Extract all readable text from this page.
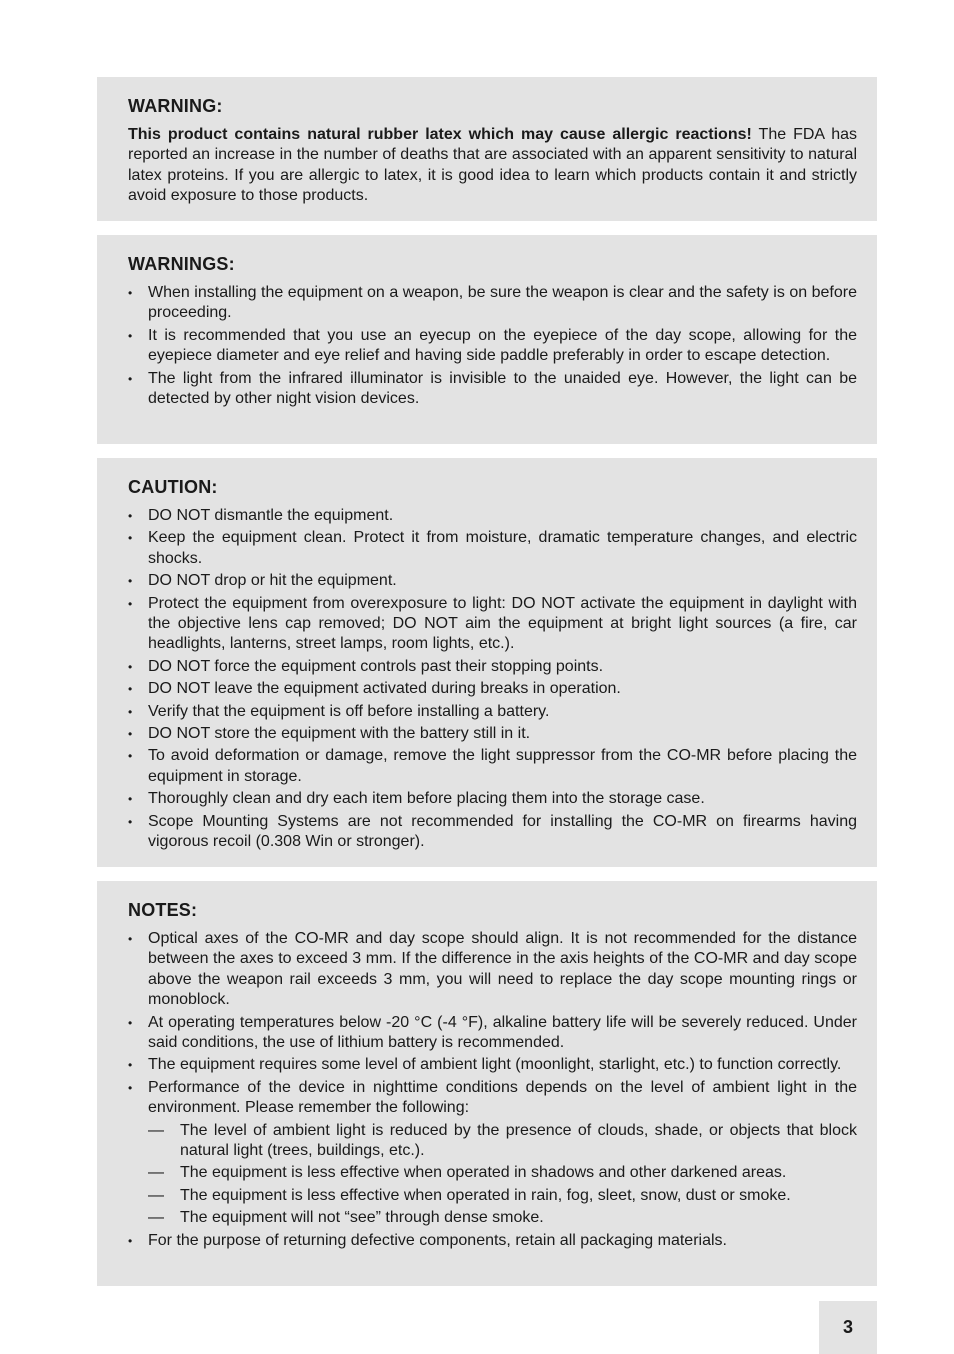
WARNING:

This product contains natural rubber latex which may cause allergic reactions! The FDA has reported an increase in the number of deaths that are associated with an apparent sensitivity to natural latex proteins. If you are allergic to latex, it is good idea to learn which products contain it and strictly avoid exposure to those products.

WARNINGS:
• When installing the equipment on a weapon, be sure the weapon is clear and the safety is on before proceeding.
• It is recommended that you use an eyecup on the eyepiece of the day scope, allowing for the eyepiece diameter and eye relief and having side paddle preferably in order to escape detection.
• The light from the infrared illuminator is invisible to the unaided eye. However, the light can be detected by other night vision devices.
CAUTION:
• DO NOT dismantle the equipment.
• Keep the equipment clean. Protect it from moisture, dramatic temperature changes, and electric shocks.
• DO NOT drop or hit the equipment.
• Protect the equipment from overexposure to light: DO NOT activate the equipment in daylight with the objective lens cap removed; DO NOT aim the equipment at bright light sources (a fire, car headlights, lanterns, street lamps, room lights, etc.).
• DO NOT force the equipment controls past their stopping points.
• DO NOT leave the equipment activated during breaks in operation.
• Verify that the equipment is off before installing a battery.
• DO NOT store the equipment with the battery still in it.
• To avoid deformation or damage, remove the light suppressor from the CO-MR before placing the equipment in storage.
• Thoroughly clean and dry each item before placing them into the storage case.
• Scope Mounting Systems are not recommended for installing the CO-MR on firearms having vigorous recoil (0.308 Win or stronger).
NOTES:
• Optical axes of the CO-MR and day scope should align. It is not recommended for the distance between the axes to exceed 3 mm. If the difference in the axis heights of the CO-MR and day scope above the weapon rail exceeds 3 mm, you will need to replace the day scope mounting rings or monoblock.
• At operating temperatures below -20 °C (-4 °F), alkaline battery life will be severely reduced. Under said conditions, the use of lithium battery is recommended.
• The equipment requires some level of ambient light (moonlight, starlight, etc.) to function correctly.
• Performance of the device in nighttime conditions depends on the level of ambient light in the environment. Please remember the following:
— The level of ambient light is reduced by the presence of clouds, shade, or objects that block natural light (trees, buildings, etc.).
— The equipment is less effective when operated in shadows and other darkened areas.
— The equipment is less effective when operated in rain, fog, sleet, snow, dust or smoke.
— The equipment will not “see” through dense smoke.
• For the purpose of returning defective components, retain all packaging materials.
3
